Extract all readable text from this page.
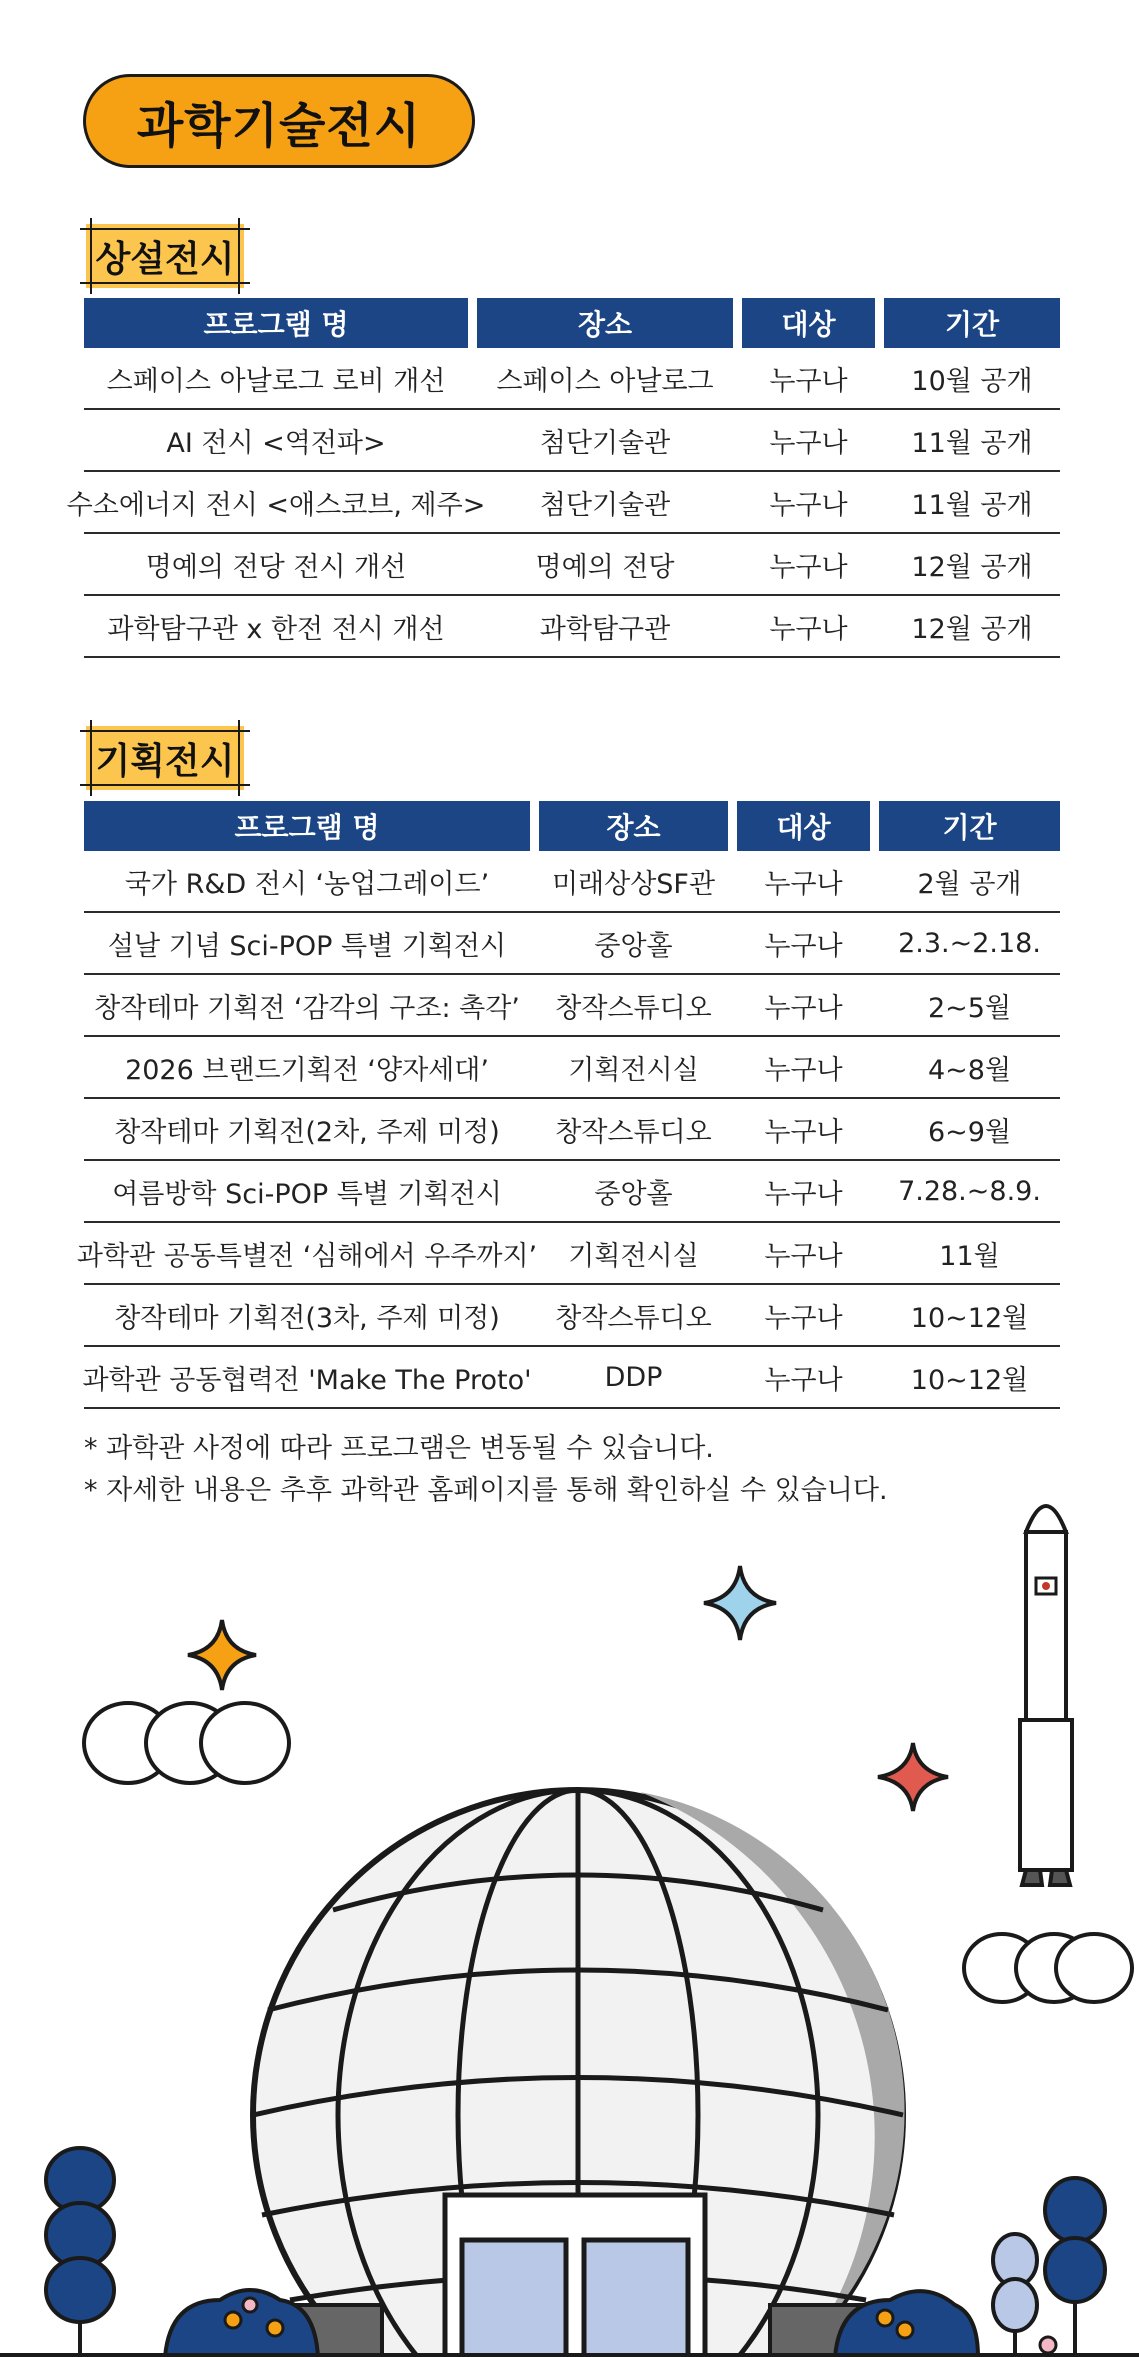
과학기술전시
상설전시
프로그램 명	장소	대상	기간
스페이스 아날로그 로비 개선	스페이스 아날로그	누구나	10월 공개
AI 전시 <역전파>	첨단기술관	누구나	11월 공개
수소에너지 전시 <애스코브, 제주>	첨단기술관	누구나	11월 공개
명예의 전당 전시 개선	명예의 전당	누구나	12월 공개
과학탐구관 x 한전 전시 개선	과학탐구관	누구나	12월 공개
기획전시
프로그램 명	장소	대상	기간
국가 R&D 전시 ‘농업그레이드’	미래상상SF관	누구나	2월 공개
설날 기념 Sci-POP 특별 기획전시	중앙홀	누구나	2.3.~2.18.
창작테마 기획전 ‘감각의 구조: 촉각’	창작스튜디오	누구나	2~5월
2026 브랜드기획전 ‘양자세대’	기획전시실	누구나	4~8월
창작테마 기획전(2차, 주제 미정)	창작스튜디오	누구나	6~9월
여름방학 Sci-POP 특별 기획전시	중앙홀	누구나	7.28.~8.9.
과학관 공동특별전 ‘심해에서 우주까지’	기획전시실	누구나	11월
창작테마 기획전(3차, 주제 미정)	창작스튜디오	누구나	10~12월
과학관 공동협력전 'Make The Proto'	DDP	누구나	10~12월
* 과학관 사정에 따라 프로그램은 변동될 수 있습니다.
* 자세한 내용은 추후 과학관 홈페이지를 통해 확인하실 수 있습니다.
